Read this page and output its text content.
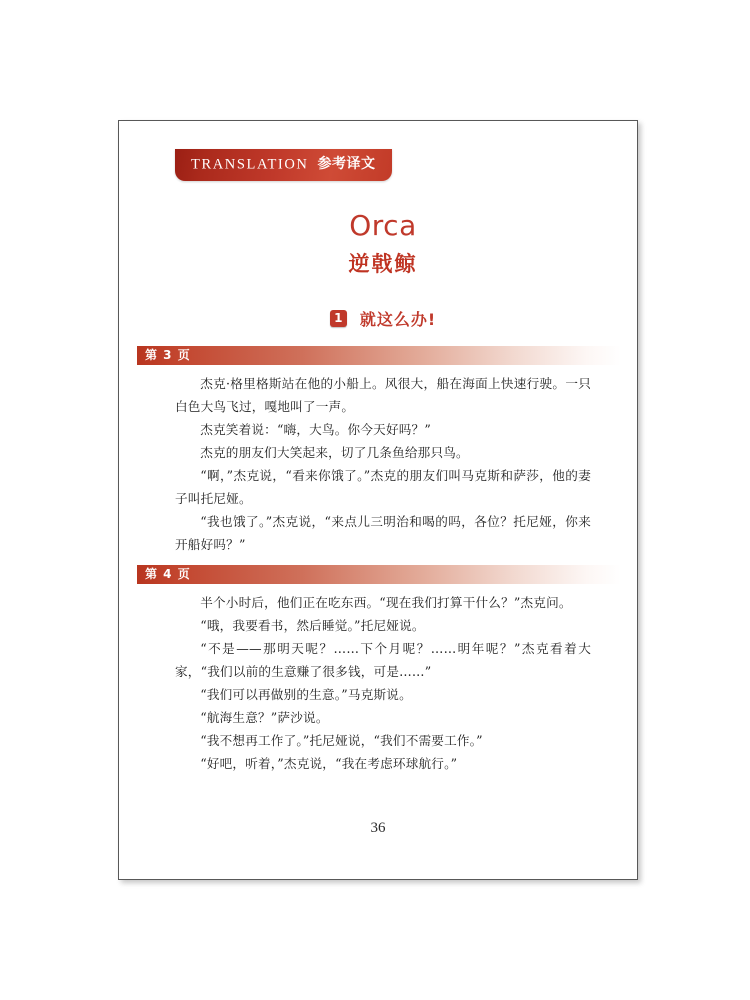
TRANSLATION 参考译文
Orca
逆戟鲸
1 就这么办!
第 3 页

杰克·格里格斯站在他的小船上。风很大，船在海面上快速行驶。一只白色大鸟飞过，嘎地叫了一声。

杰克笑着说：“嗨，大鸟。你今天好吗？”

杰克的朋友们大笑起来，切了几条鱼给那只鸟。

“啊，”杰克说，“看来你饿了。”杰克的朋友们叫马克斯和萨莎，他的妻子叫托尼娅。

“我也饿了。”杰克说，“来点儿三明治和喝的吗，各位？托尼娅，你来开船好吗？”

第 4 页

半个小时后，他们正在吃东西。“现在我们打算干什么？”杰克问。

“哦，我要看书，然后睡觉。”托尼娅说。

“不是——那明天呢？……下个月呢？……明年呢？”杰克看着大家，“我们以前的生意赚了很多钱，可是……”

“我们可以再做别的生意。”马克斯说。

“航海生意？”萨沙说。

“我不想再工作了。”托尼娅说，“我们不需要工作。”

“好吧，听着，”杰克说，“我在考虑环球航行。”

36
